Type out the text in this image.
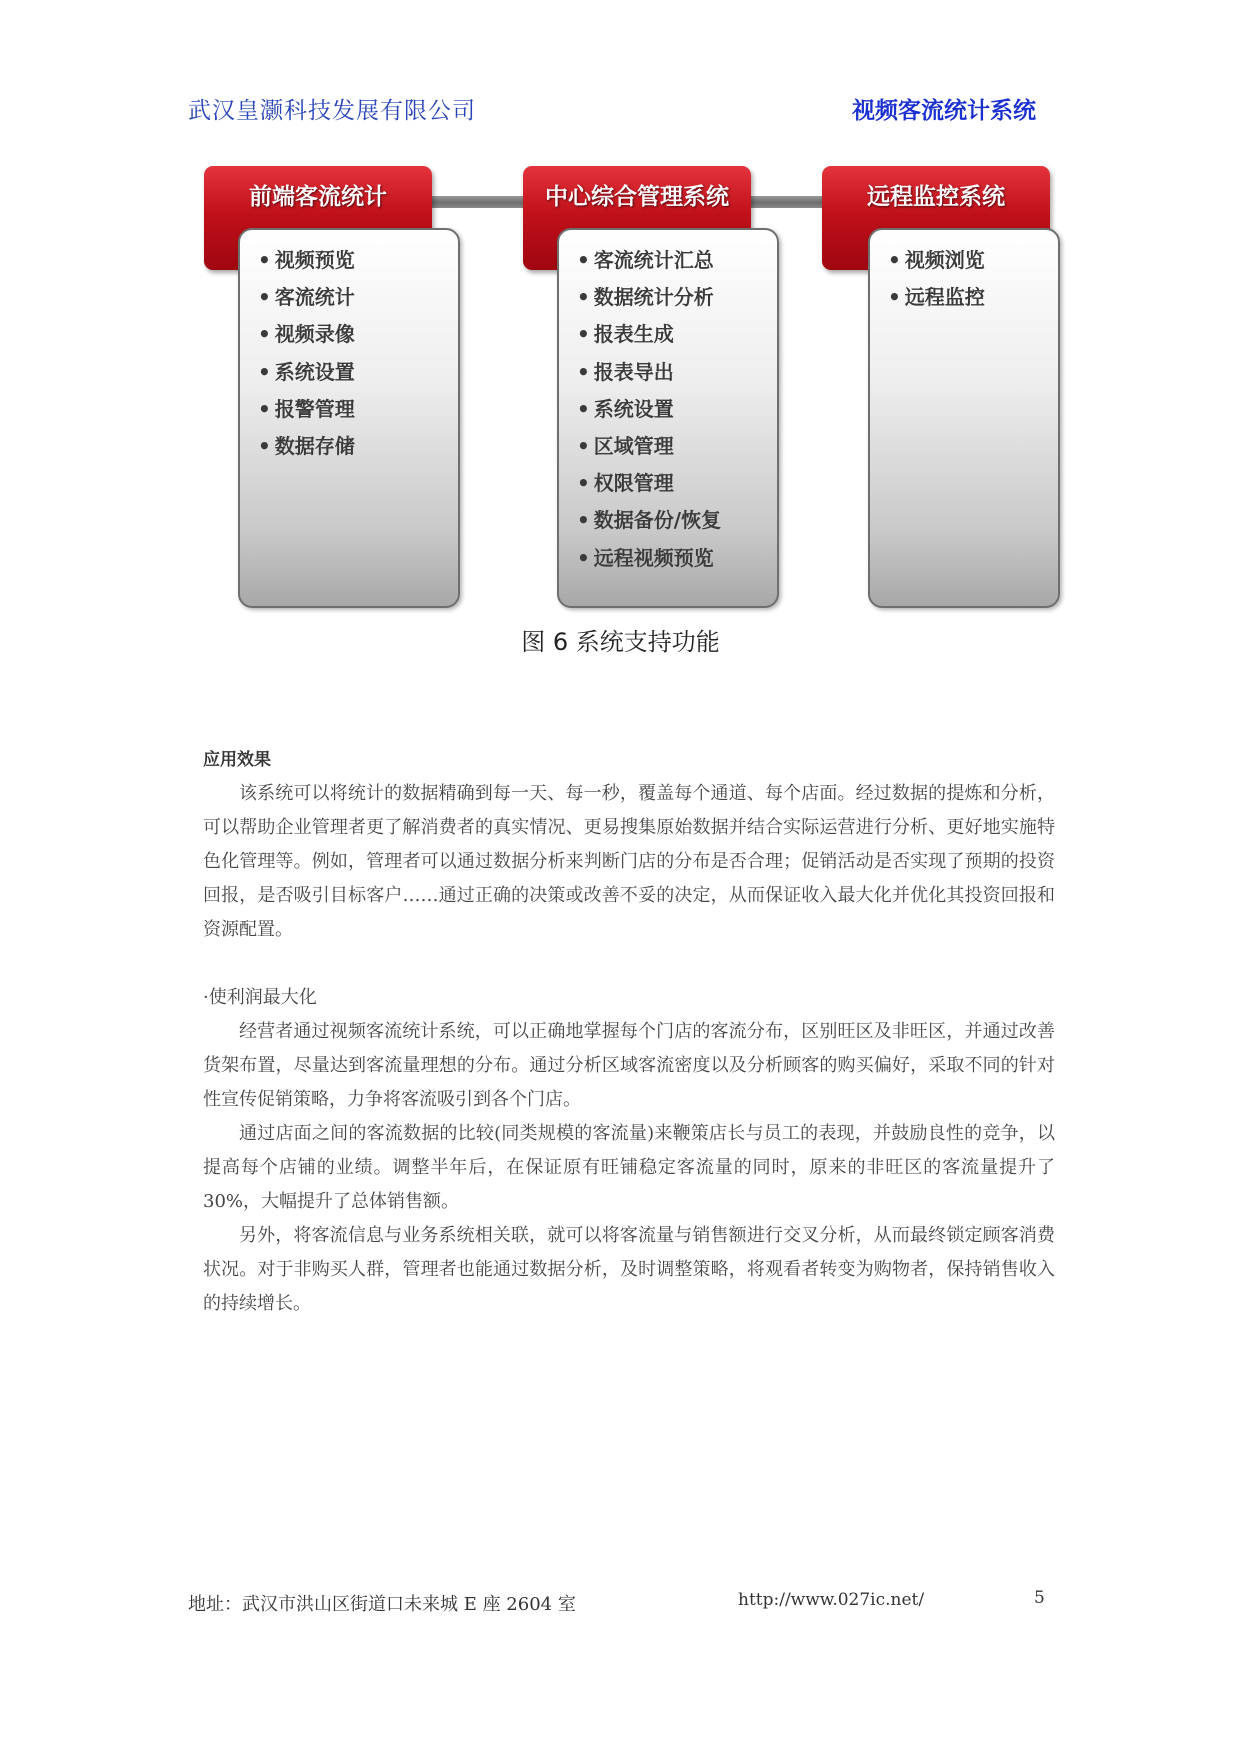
武汉皇灏科技发展有限公司	视频客流统计系统
前端客流统计
• 视频预览
• 客流统计
• 视频录像
• 系统设置
• 报警管理
• 数据存储
中心综合管理系统
• 客流统计汇总
• 数据统计分析
• 报表生成
• 报表导出
• 系统设置
• 区域管理
• 权限管理
• 数据备份/恢复
• 远程视频预览
远程监控系统
• 视频浏览
• 远程监控
图 6 系统支持功能
应用效果

该系统可以将统计的数据精确到每一天、每一秒，覆盖每个通道、每个店面。经过数据的提炼和分析，可以帮助企业管理者更了解消费者的真实情况、更易搜集原始数据并结合实际运营进行分析、更好地实施特色化管理等。例如，管理者可以通过数据分析来判断门店的分布是否合理；促销活动是否实现了预期的投资回报，是否吸引目标客户……通过正确的决策或改善不妥的决定，从而保证收入最大化并优化其投资回报和资源配置。

·使利润最大化

经营者通过视频客流统计系统，可以正确地掌握每个门店的客流分布，区别旺区及非旺区，并通过改善货架布置，尽量达到客流量理想的分布。通过分析区域客流密度以及分析顾客的购买偏好，采取不同的针对性宣传促销策略，力争将客流吸引到各个门店。

通过店面之间的客流数据的比较(同类规模的客流量)来鞭策店长与员工的表现，并鼓励良性的竞争，以提高每个店铺的业绩。调整半年后，在保证原有旺铺稳定客流量的同时，原来的非旺区的客流量提升了30%，大幅提升了总体销售额。

另外，将客流信息与业务系统相关联，就可以将客流量与销售额进行交叉分析，从而最终锁定顾客消费状况。对于非购买人群，管理者也能通过数据分析，及时调整策略，将观看者转变为购物者，保持销售收入的持续增长。

地址：武汉市洪山区街道口未来城 E 座 2604 室	http://www.027ic.net/	5
